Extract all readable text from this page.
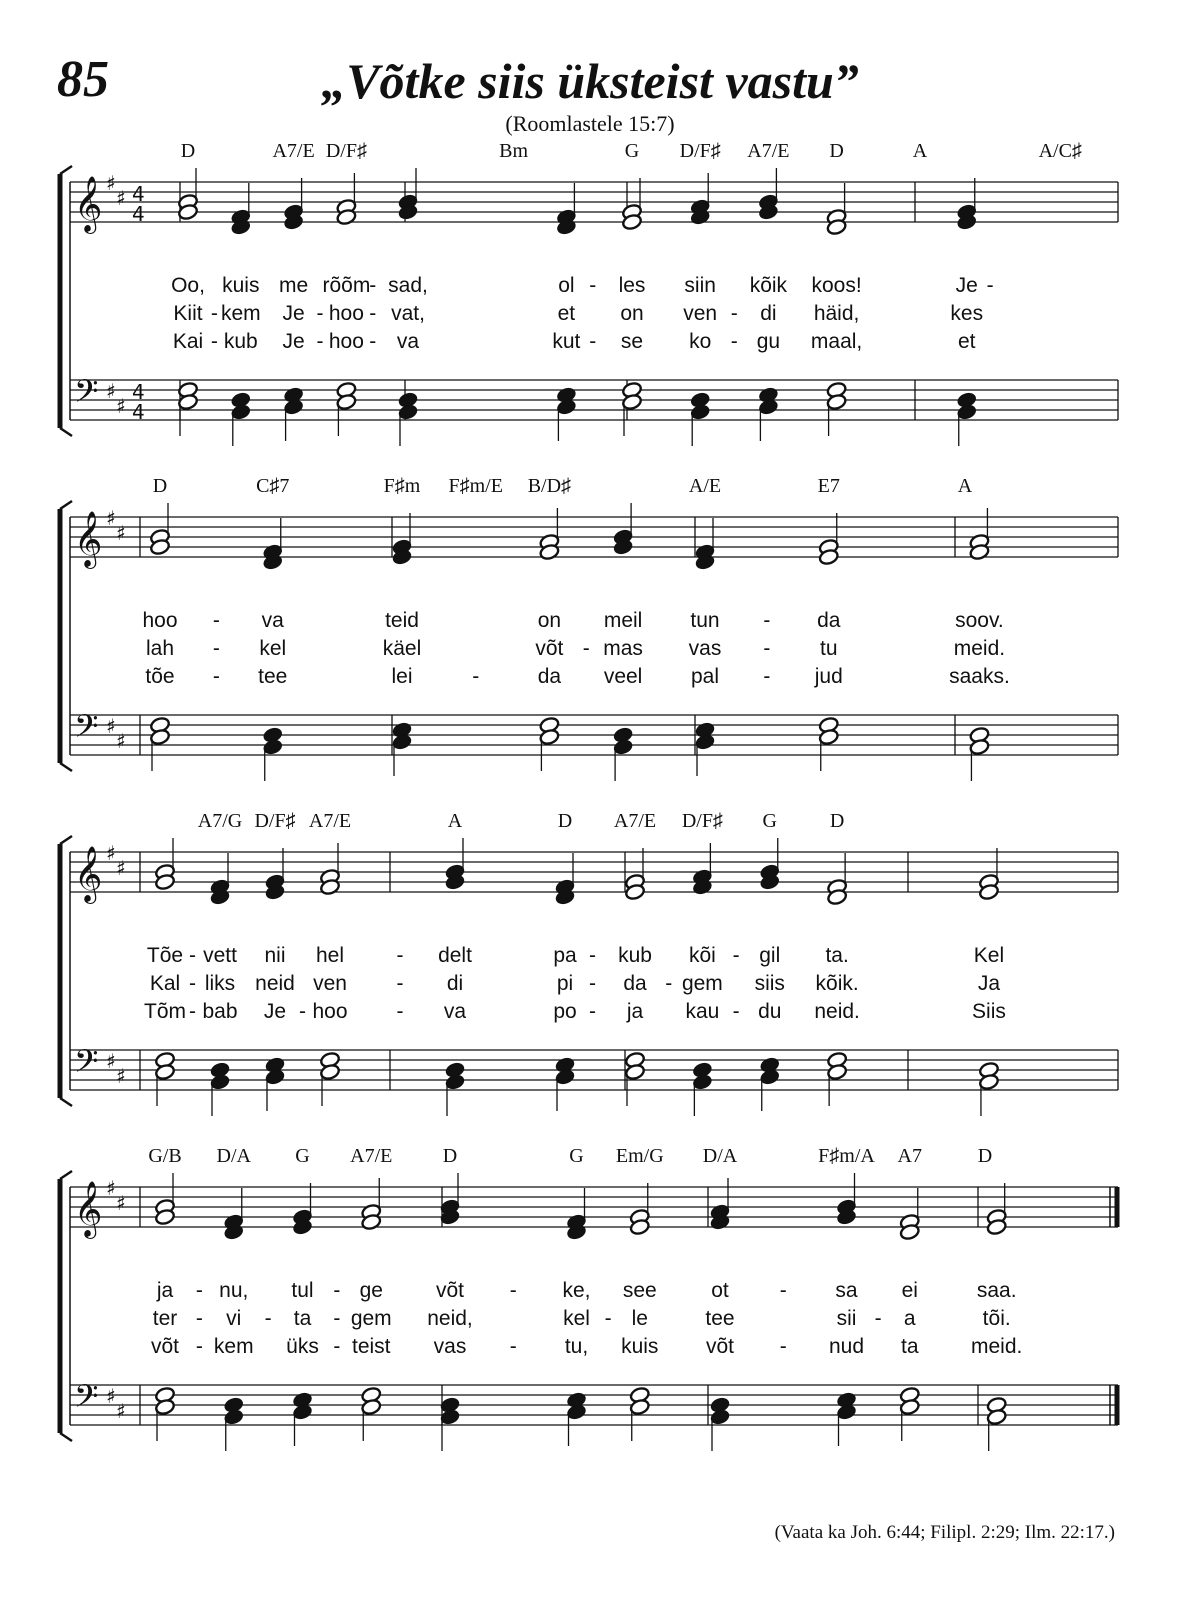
85	„Võtke siis üksteist vastu”
(Roomlastele 15:7)
𝄞
𝄢
♯
♯
♯
♯
4
4
4
4
𝄞
𝄢
♯
♯
♯
♯
𝄞
𝄢
♯
♯
♯
♯
𝄞
𝄢
♯
♯
♯
♯
D	A7/E D/F♯	Bm	G D/F♯ A7/E D	A	A/C♯
Oo, kuis me rõõm
- sad,	ol - les siin kõik koos!	Je -
Kiit - kem Je - hoo - vat,	et on ven - di häid,	kes
Kai - kub Je - hoo - va	kut - se ko - gu maal,	et
D	C♯7	F♯m F♯m/E B/D♯	A/E	E7	A
hoo - va	teid	on meil tun - da	soov.
lah - kel	käel	võt - mas vas - tu	meid.
tõe - tee	lei	-	da veel pal - jud	saaks.
A7/G D/F♯ A7/E	A	D A7/E D/F♯ G	D
Tõe - vett nii hel - delt	pa - kub kõi - gil ta.	Kel
Kal - liks neid ven - di	pi - da - gem siis kõik.	Ja
Tõm - bab Je - hoo - va	po - ja kau - du neid.	Siis
G/B D/A G A7/E	D	G Em/G D/A	F♯m/A A7	D
ja - nu, tul - ge	võt - ke, see	ot - sa ei	saa.
ter - vi - ta - gem neid,	kel - le	tee	sii - a	tõi.
võt - kem üks - teist vas - tu, kuis võt - nud ta	meid.
(Vaata ka Joh. 6:44; Filipl. 2:29; Ilm. 22:17.)
